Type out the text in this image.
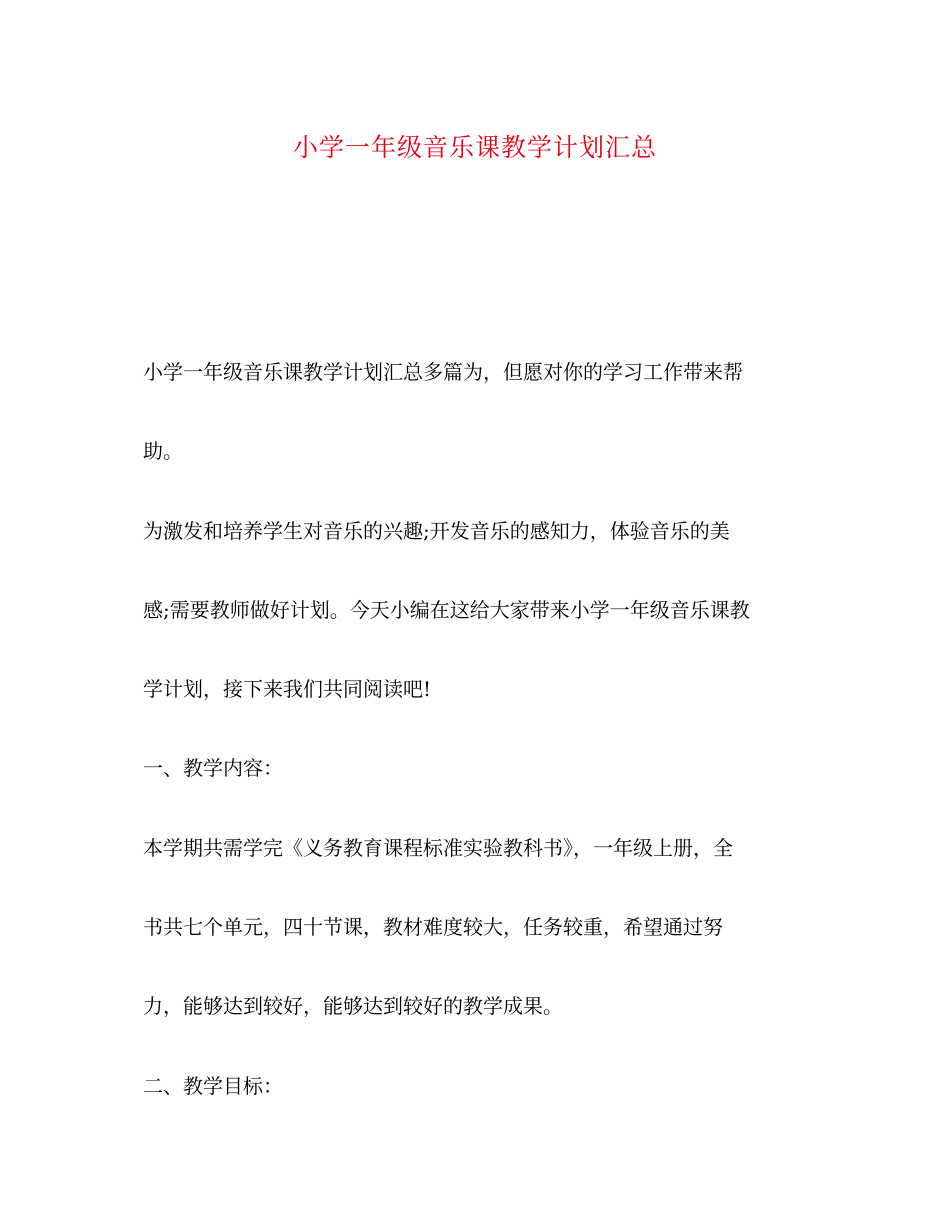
小学一年级音乐课教学计划汇总
小学一年级音乐课教学计划汇总多篇为，但愿对你的学习工作带来帮
助。
为激发和培养学生对音乐的兴趣;开发音乐的感知力，体验音乐的美
感;需要教师做好计划。今天小编在这给大家带来小学一年级音乐课教
学计划，接下来我们共同阅读吧!
一、教学内容：
本学期共需学完《义务教育课程标准实验教科书》，一年级上册，全
书共七个单元，四十节课，教材难度较大，任务较重，希望通过努
力，能够达到较好，能够达到较好的教学成果。
二、教学目标：
